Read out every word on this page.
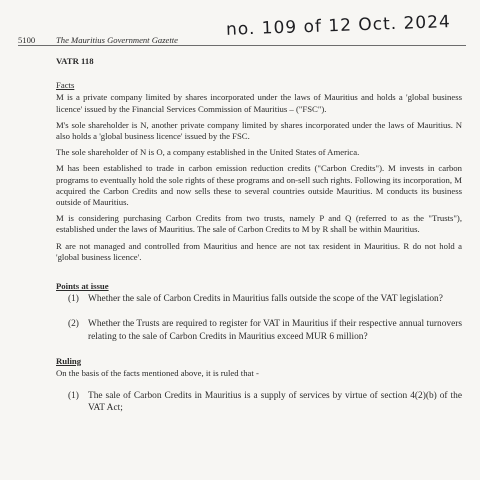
5100 The Mauritius Government Gazette
no. 109 of 12 Oct. 2024
VATR 118
Facts

M is a private company limited by shares incorporated under the laws of Mauritius and holds a 'global business licence' issued by the Financial Services Commission of Mauritius – ("FSC").

M's sole shareholder is N, another private company limited by shares incorporated under the laws of Mauritius. N also holds a 'global business licence' issued by the FSC.

The sole shareholder of N is O, a company established in the United States of America.

M has been established to trade in carbon emission reduction credits ("Carbon Credits"). M invests in carbon programs to eventually hold the sole rights of these programs and on-sell such rights. Following its incorporation, M acquired the Carbon Credits and now sells these to several countries outside Mauritius. M conducts its business outside of Mauritius.

M is considering purchasing Carbon Credits from two trusts, namely P and Q (referred to as the "Trusts"), established under the laws of Mauritius. The sale of Carbon Credits to M by R shall be within Mauritius.

R are not managed and controlled from Mauritius and hence are not tax resident in Mauritius. R do not hold a 'global business licence'.

Points at issue
(1) Whether the sale of Carbon Credits in Mauritius falls outside the scope of the VAT legislation?
(2) Whether the Trusts are required to register for VAT in Mauritius if their respective annual turnovers relating to the sale of Carbon Credits in Mauritius exceed MUR 6 million?
Ruling

On the basis of the facts mentioned above, it is ruled that -

(1) The sale of Carbon Credits in Mauritius is a supply of services by virtue of section 4(2)(b) of the VAT Act;
